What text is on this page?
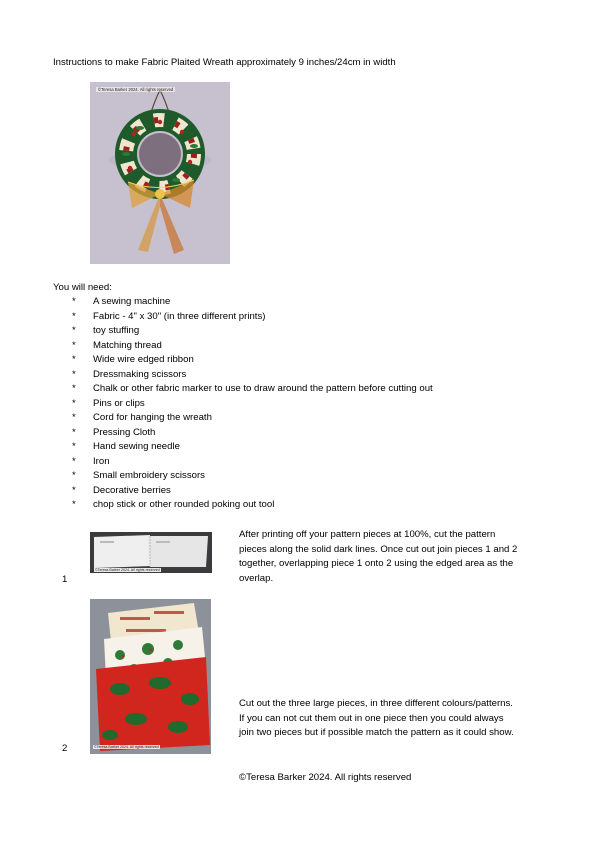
Instructions to make Fabric Plaited Wreath approximately 9 inches/24cm in width
©Teresa Barker 2024. All rights reserved
You will need:
* A sewing machine
* Fabric - 4" x 30" (in three different prints)
* toy stuffing
* Matching thread
* Wide wire edged ribbon
* Dressmaking scissors
* Chalk or other fabric marker to use to draw around the pattern before cutting out
* Pins or clips
* Cord for hanging the wreath
* Pressing Cloth
* Hand sewing needle
* Iron
* Small embroidery scissors
* Decorative berries
* chop stick or other rounded poking out tool
©Teresa Barker 2024. All rights reserved
1
After printing off your pattern pieces at 100%, cut the pattern pieces along the solid dark lines. Once cut out join pieces 1 and 2 together, overlapping piece 1 onto 2 using the edged area as the overlap.
©Teresa Barker 2024. All rights reserved
2
Cut out the three large pieces, in three different colours/patterns. If you can not cut them out in one piece then you could always join two pieces but if possible match the pattern as it could show.
©Teresa Barker 2024. All rights reserved
